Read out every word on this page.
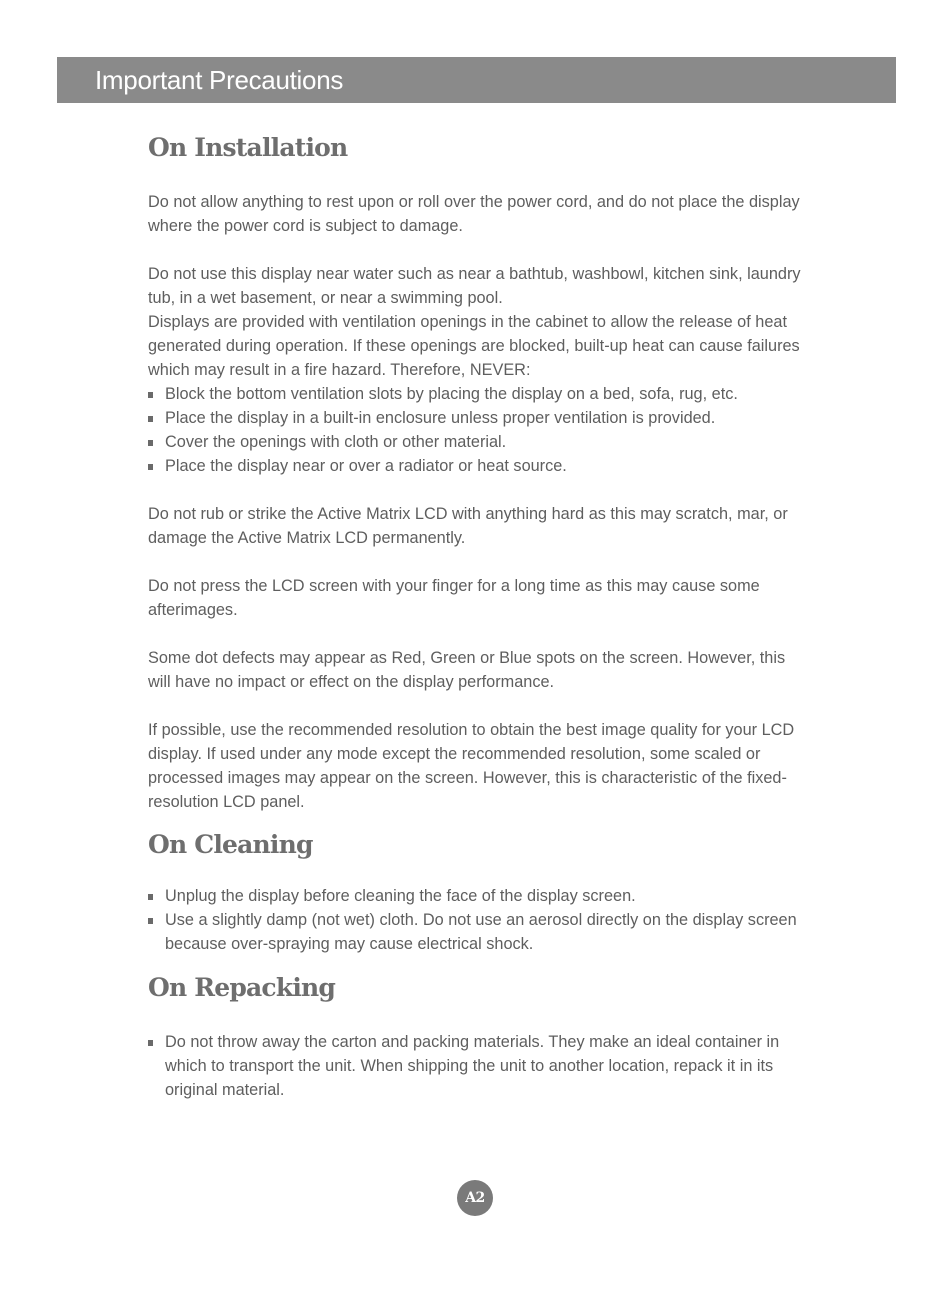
Important Precautions
On Installation

Do not allow anything to rest upon or roll over the power cord, and do not place the display where the power cord is subject to damage.

Do not use this display near water such as near a bathtub, washbowl, kitchen sink, laundry tub, in a wet basement, or near a swimming pool.

Displays are provided with ventilation openings in the cabinet to allow the release of heat generated during operation. If these openings are blocked, built-up heat can cause failures which may result in a fire hazard. Therefore, NEVER:

Block the bottom ventilation slots by placing the display on a bed, sofa, rug, etc.
Place the display in a built-in enclosure unless proper ventilation is provided.
Cover the openings with cloth or other material.
Place the display near or over a radiator or heat source.

Do not rub or strike the Active Matrix LCD with anything hard as this may scratch, mar, or damage the Active Matrix LCD permanently.

Do not press the LCD screen with your finger for a long time as this may cause some afterimages.

Some dot defects may appear as Red, Green or Blue spots on the screen. However, this will have no impact or effect on the display performance.

If possible, use the recommended resolution to obtain the best image quality for your LCD display. If used under any mode except the recommended resolution, some scaled or processed images may appear on the screen. However, this is characteristic of the fixed-resolution LCD panel.

On Cleaning
Unplug the display before cleaning the face of the display screen.
Use a slightly damp (not wet) cloth. Do not use an aerosol directly on the display screen because over-spraying may cause electrical shock.
On Repacking
Do not throw away the carton and packing materials. They make an ideal container in which to transport the unit. When shipping the unit to another location, repack it in its original material.
A2
